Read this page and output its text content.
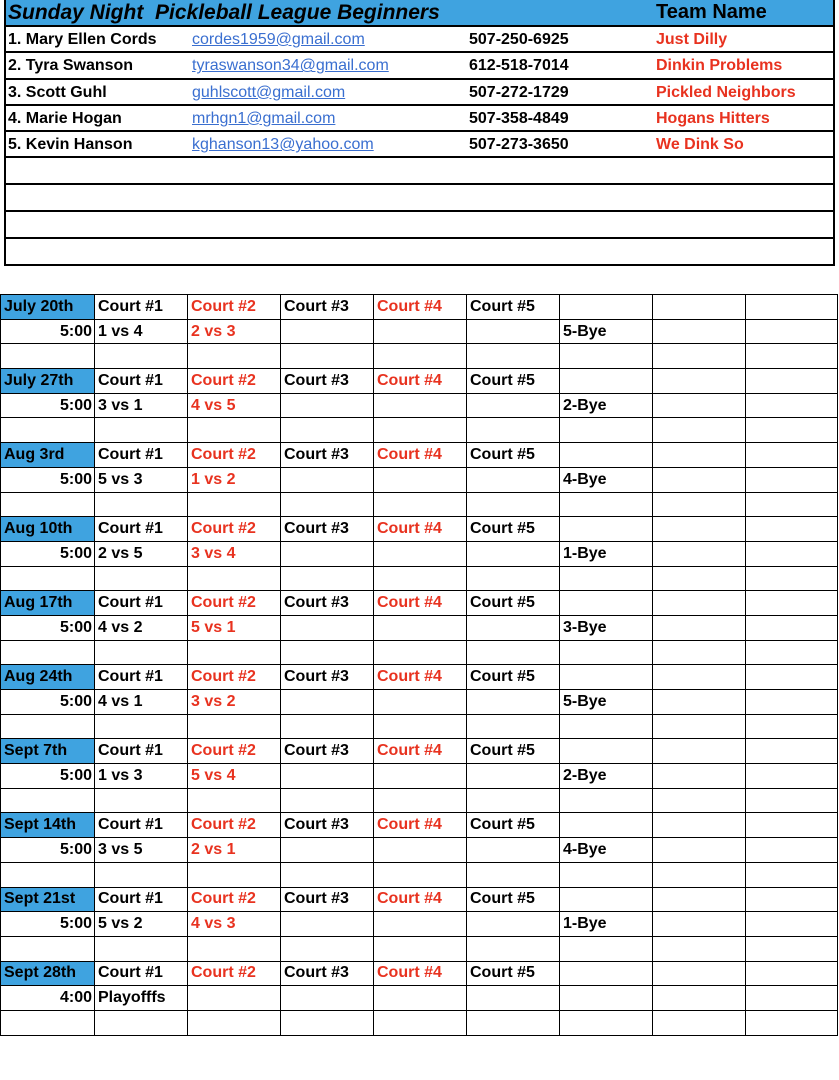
Sunday Night  Pickleball League Beginners	Team Name
1. Mary Ellen Cords cordes1959@gmail.com	507-250-6925	Just Dilly
2. Tyra Swanson	tyraswanson34@gmail.com	612-518-7014	Dinkin Problems
3. Scott Guhl	guhlscott@gmail.com	507-272-1729	Pickled Neighbors
4. Marie Hogan	mrhgn1@gmail.com	507-358-4849	Hogans Hitters
5. Kevin Hanson	kghanson13@yahoo.com	507-273-3650	We Dink So
July 20th	Court #1	Court #2	Court #3	Court #4	Court #5			
5:00	1 vs 4	2 vs 3				5-Bye		

July 27th	Court #1	Court #2	Court #3	Court #4	Court #5			
5:00	3 vs 1	4 vs 5				2-Bye		

Aug 3rd	Court #1	Court #2	Court #3	Court #4	Court #5			
5:00	5 vs 3	1 vs 2				4-Bye		

Aug 10th	Court #1	Court #2	Court #3	Court #4	Court #5			
5:00	2 vs 5	3 vs 4				1-Bye		

Aug 17th	Court #1	Court #2	Court #3	Court #4	Court #5			
5:00	4 vs 2	5 vs 1				3-Bye		

Aug 24th	Court #1	Court #2	Court #3	Court #4	Court #5			
5:00	4 vs 1	3 vs 2				5-Bye		

Sept 7th	Court #1	Court #2	Court #3	Court #4	Court #5			
5:00	1 vs 3	5 vs 4				2-Bye		

Sept 14th	Court #1	Court #2	Court #3	Court #4	Court #5			
5:00	3 vs 5	2 vs 1				4-Bye		

Sept 21st	Court #1	Court #2	Court #3	Court #4	Court #5			
5:00	5 vs 2	4 vs 3				1-Bye		

Sept 28th	Court #1	Court #2	Court #3	Court #4	Court #5			
4:00	Playofffs							
